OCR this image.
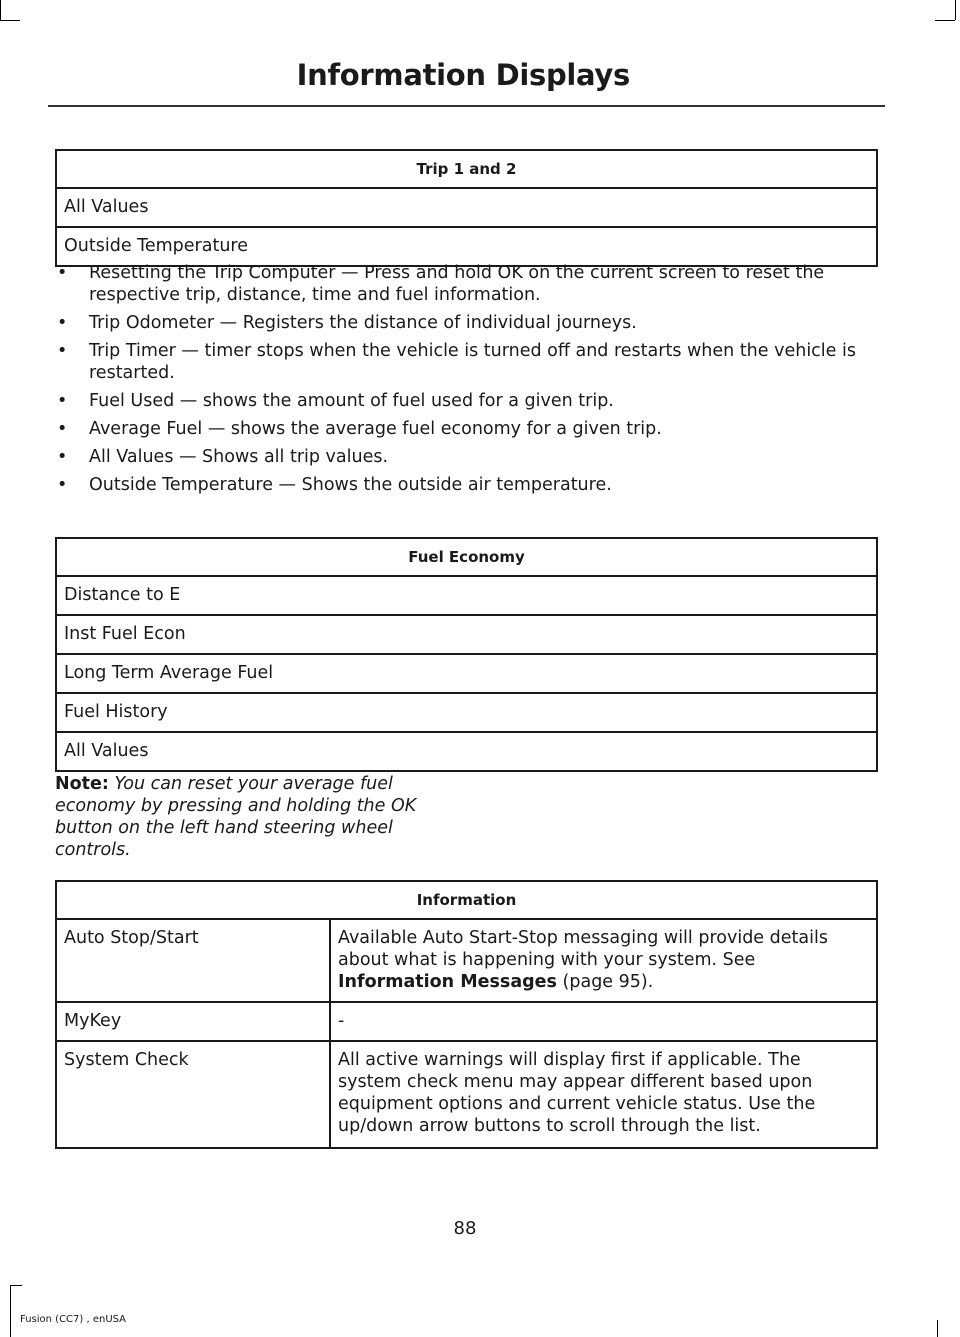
Information Displays
Trip 1 and 2
All Values
Outside Temperature
• Resetting the Trip Computer — Press and hold OK on the current screen to reset the respective trip, distance, time and fuel information.
• Trip Odometer — Registers the distance of individual journeys.
• Trip Timer — timer stops when the vehicle is turned off and restarts when the vehicle is restarted.
• Fuel Used — shows the amount of fuel used for a given trip.
• Average Fuel — shows the average fuel economy for a given trip.
• All Values — Shows all trip values.
• Outside Temperature — Shows the outside air temperature.
Fuel Economy
Distance to E
Inst Fuel Econ
Long Term Average Fuel
Fuel History
All Values
Note: You can reset your average fuel economy by pressing and holding the OK button on the left hand steering wheel controls.
Information	
Auto Stop/Start	Available Auto Start-Stop messaging will provide details about what is happening with your system. See Information Messages (page 95).
MyKey	-
System Check	All active warnings will display first if applicable. The system check menu may appear different based upon equipment options and current vehicle status. Use the up/down arrow buttons to scroll through the list.
88
Fusion (CC7) , enUSA
